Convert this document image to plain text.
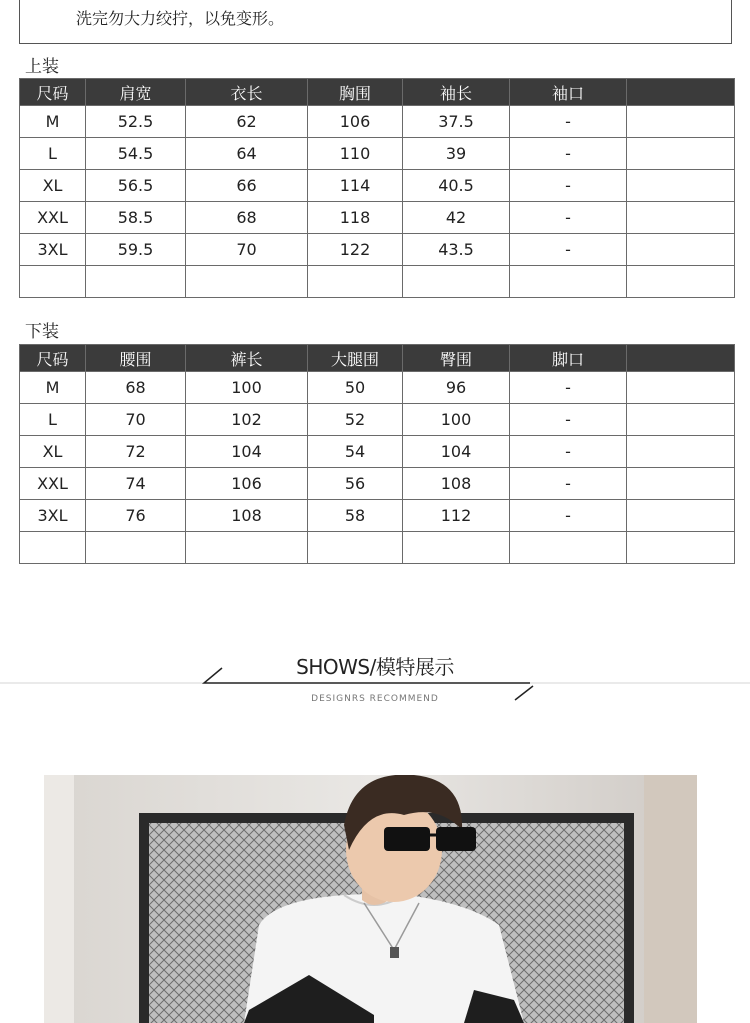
洗完勿大力绞拧，以免变形。
上装
尺码	肩宽	衣长	胸围	袖长	袖口	
M	52.5	62	106	37.5	-	
L	54.5	64	110	39	-	
XL	56.5	66	114	40.5	-	
XXL	58.5	68	118	42	-	
3XL	59.5	70	122	43.5	-	

下装
尺码	腰围	裤长	大腿围	臀围	脚口	
M	68	100	50	96	-	
L	70	102	52	100	-	
XL	72	104	54	104	-	
XXL	74	106	56	108	-	
3XL	76	108	58	112	-	

SHOWS/模特展示
DESIGNRS RECOMMEND
